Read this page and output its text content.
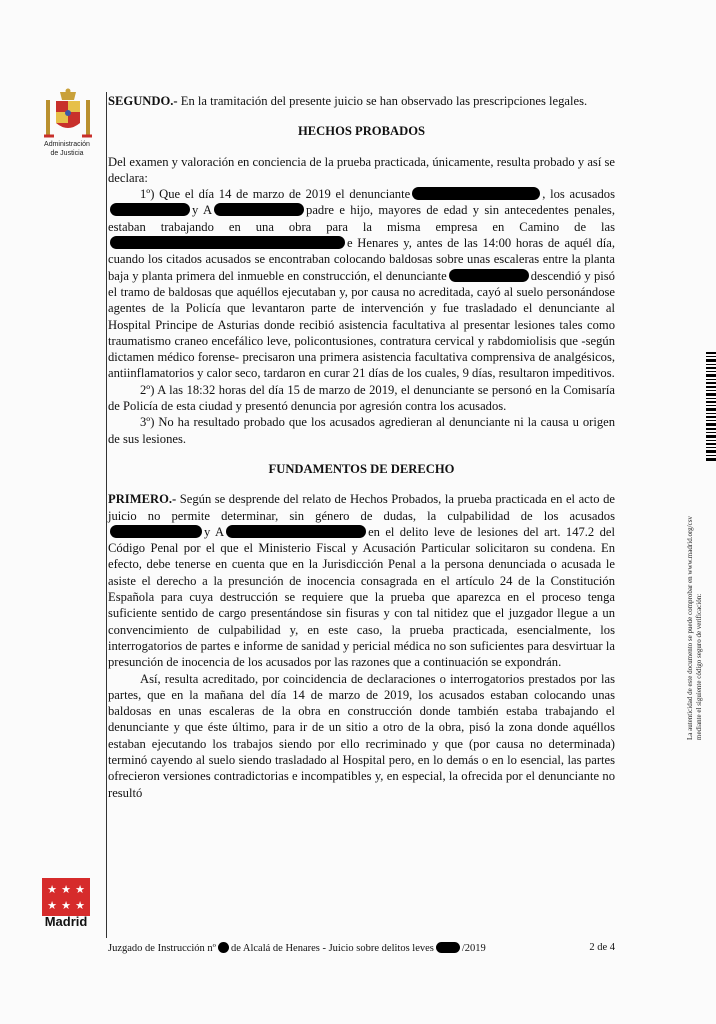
Administración
de Justicia
★ ★ ★
★ ★ ★
Madrid

SEGUNDO.- En la tramitación del presente juicio se han observado las prescripciones legales.

HECHOS PROBADOS

Del examen y valoración en conciencia de la prueba practicada, únicamente, resulta probado y así se declara:

1º) Que el día 14 de marzo de 2019 el denunciante	, los acusadosy A	padre e hijo, mayores de edad y sin antecedentes penales, estaban trabajando en una obra para la misma empresa en Camino de lase Henares y, antes de las 14:00 horas de aquél día, cuando los citados acusados se encontraban colocando baldosas sobre unas escaleras entre la planta baja y planta primera del inmueble en construcción, el denunciante	descendió y pisó el tramo de baldosas que aquéllos ejecutaban y, por causa no acreditada, cayó al suelo personándose agentes de la Policía que levantaron parte de intervención y fue trasladado el denunciante al Hospital Principe de Asturias donde recibió asistencia facultativa al presentar lesiones tales como traumatismo craneo encefálico leve, policontusiones, contratura cervical y rabdomiolisis que -según dictamen médico forense- precisaron una primera asistencia facultativa comprensiva de analgésicos, antiinflamatorios y calor seco, tardaron en curar 21 días de los cuales, 9 días, resultaron impeditivos.

2º) A las 18:32 horas del día 15 de marzo de 2019, el denunciante se personó en la Comisaría de Policía de esta ciudad y presentó denuncia por agresión contra los acusados.

3º) No ha resultado probado que los acusados agredieran al denunciante ni la causa u origen de sus lesiones.

FUNDAMENTOS DE DERECHO

PRIMERO.- Según se desprende del relato de Hechos Probados, la prueba practicada en el acto de juicio no permite determinar, sin género de dudas, la culpabilidad de los acusadosy A	en el delito leve de lesiones del art. 147.2 del Código Penal por el que el Ministerio Fiscal y Acusación Particular solicitaron su condena. En efecto, debe tenerse en cuenta que en la Jurisdicción Penal a la persona denunciada o acusada le asiste el derecho a la presunción de inocencia consagrada en el artículo 24 de la Constitución Española para cuya destrucción se requiere que la prueba que aparezca en el proceso tenga suficiente sentido de cargo presentándose sin fisuras y con tal nitidez que el juzgador llegue a un convencimiento de culpabilidad y, en este caso, la prueba practicada, esencialmente, los interrogatorios de partes e informe de sanidad y pericial médica no son suficientes para desvirtuar la presunción de inocencia de los acusados por las razones que a continuación se expondrán.

Así, resulta acreditado, por coincidencia de declaraciones o interrogatorios prestados por las partes, que en la mañana del día 14 de marzo de 2019, los acusados estaban colocando unas baldosas en unas escaleras de la obra en construcción donde también estaba trabajando el denunciante y que éste último, para ir de un sitio a otro de la obra, pisó la zona donde aquéllos estaban ejecutando los trabajos siendo por ello recriminado y que (por causa no determinada) terminó cayendo al suelo siendo trasladado al Hospital pero, en lo demás o en lo esencial, las partes ofrecieron versiones contradictorias e incompatibles y, en especial, la ofrecida por el denunciante no resultó

Juzgado de Instrucción nº de Alcalá de Henares - Juicio sobre delitos leves	/2019	2 de 4
La autenticidad de este documento se puede comprobar en www.madrid.org/csv mediante el siguiente código seguro de verificación:
